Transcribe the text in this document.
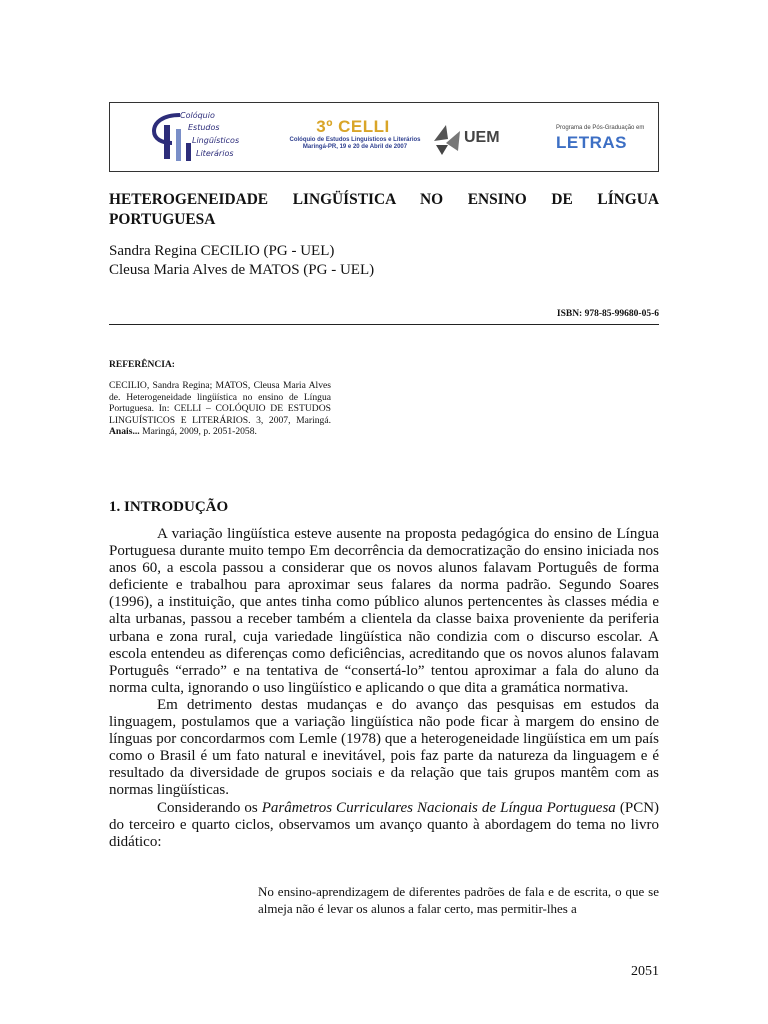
Colóquio
Estudos
Lingüísticos
Literários
3º CELLI
Colóquio de Estudos Linguísticos e Literários
Maringá-PR, 19 e 20 de Abril de 2007
UEM
Programa de Pós-Graduação em
LETRAS
HETEROGENEIDADE LINGÜÍSTICA NO ENSINO DE LÍNGUA PORTUGUESA
Sandra Regina CECILIO (PG - UEL)
Cleusa Maria Alves de MATOS (PG - UEL)
ISBN: 978-85-99680-05-6
REFERÊNCIA:
CECILIO, Sandra Regina; MATOS, Cleusa Maria Alves de. Heterogeneidade lingüística no ensino de Língua Portuguesa. In: CELLI – COLÓQUIO DE ESTUDOS LINGUÍSTICOS E LITERÁRIOS. 3, 2007, Maringá. Anais... Maringá, 2009, p. 2051-2058.
1. INTRODUÇÃO

A variação lingüística esteve ausente na proposta pedagógica do ensino de Língua Portuguesa durante muito tempo Em decorrência da democratização do ensino iniciada nos anos 60, a escola passou a considerar que os novos alunos falavam Português de forma deficiente e trabalhou para aproximar seus falares da norma padrão. Segundo Soares (1996), a instituição, que antes tinha como público alunos pertencentes às classes média e alta urbanas, passou a receber também a clientela da classe baixa proveniente da periferia urbana e zona rural, cuja variedade lingüística não condizia com o discurso escolar. A escola entendeu as diferenças como deficiências, acreditando que os novos alunos falavam Português “errado” e na tentativa de “consertá-lo” tentou aproximar a fala do aluno da norma culta, ignorando o uso lingüístico e aplicando o que dita a gramática normativa.

Em detrimento destas mudanças e do avanço das pesquisas em estudos da linguagem, postulamos que a variação lingüística não pode ficar à margem do ensino de línguas por concordarmos com Lemle (1978) que a heterogeneidade lingüística em um país como o Brasil é um fato natural e inevitável, pois faz parte da natureza da linguagem e é resultado da diversidade de grupos sociais e da relação que tais grupos mantêm com as normas lingüísticas.

Considerando os Parâmetros Curriculares Nacionais de Língua Portuguesa (PCN) do terceiro e quarto ciclos, observamos um avanço quanto à abordagem do tema no livro didático:

No ensino-aprendizagem de diferentes padrões de fala e de escrita, o que se almeja não é levar os alunos a falar certo, mas permitir-lhes a
2051
